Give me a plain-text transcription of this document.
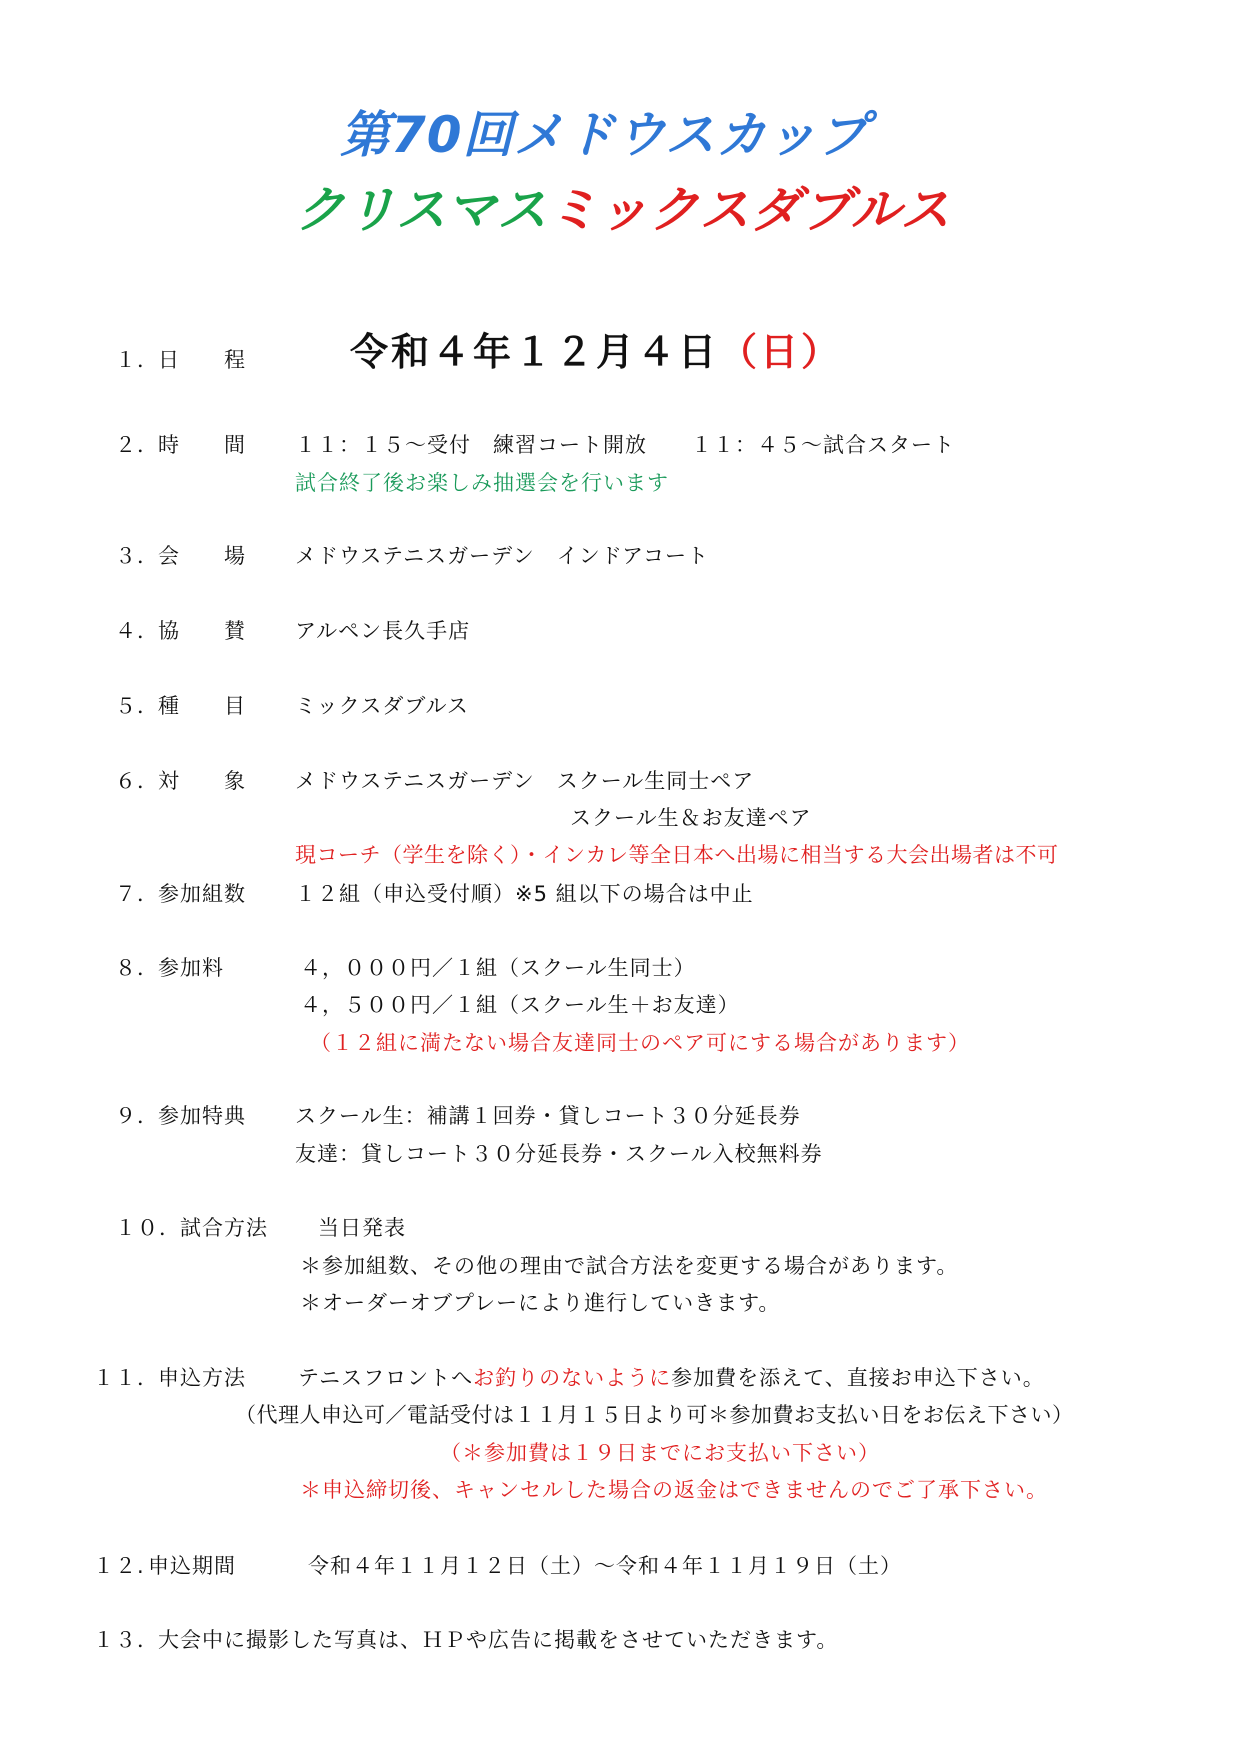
第70回メドウスカップ
クリスマスミックスダブルス
１． 日　　程	令和４年１２月４日（日）
２． 時　　間 １１：１５～受付　練習コート開放　　１１：４５～試合スタート
試合終了後お楽しみ抽選会を行います
３． 会　　場 メドウステニスガーデン　インドアコート
４． 協　　賛 アルペン長久手店
５． 種　　目 ミックスダブルス
６． 対　　象 メドウステニスガーデン　スクール生同士ペア
スクール生＆お友達ペア
現コーチ（学生を除く）・インカレ等全日本へ出場に相当する大会出場者は不可
７． 参加組数 １２組（申込受付順）※5 組以下の場合は中止
８． 参加料	４，０００円／１組（スクール生同士）
４，５００円／１組（スクール生＋お友達）
（１２組に満たない場合友達同士のペア可にする場合があります）
９． 参加特典 スクール生：補講１回券・貸しコート３０分延長券
友達：貸しコート３０分延長券・スクール入校無料券
１０． 試合方法 当日発表
＊参加組数、その他の理由で試合方法を変更する場合があります。
＊オーダーオブプレーにより進行していきます。
１１． 申込方法 テニスフロントへお釣りのないように参加費を添えて、直接お申込下さい。
（代理人申込可／電話受付は１１月１５日より可＊参加費お支払い日をお伝え下さい）
（＊参加費は１９日までにお支払い下さい）
＊申込締切後、キャンセルした場合の返金はできませんのでご了承下さい。
１２. 申込期間	令和４年１１月１２日（土）～令和４年１１月１９日（土）
１３． 大会中に撮影した写真は、ＨＰや広告に掲載をさせていただきます。
